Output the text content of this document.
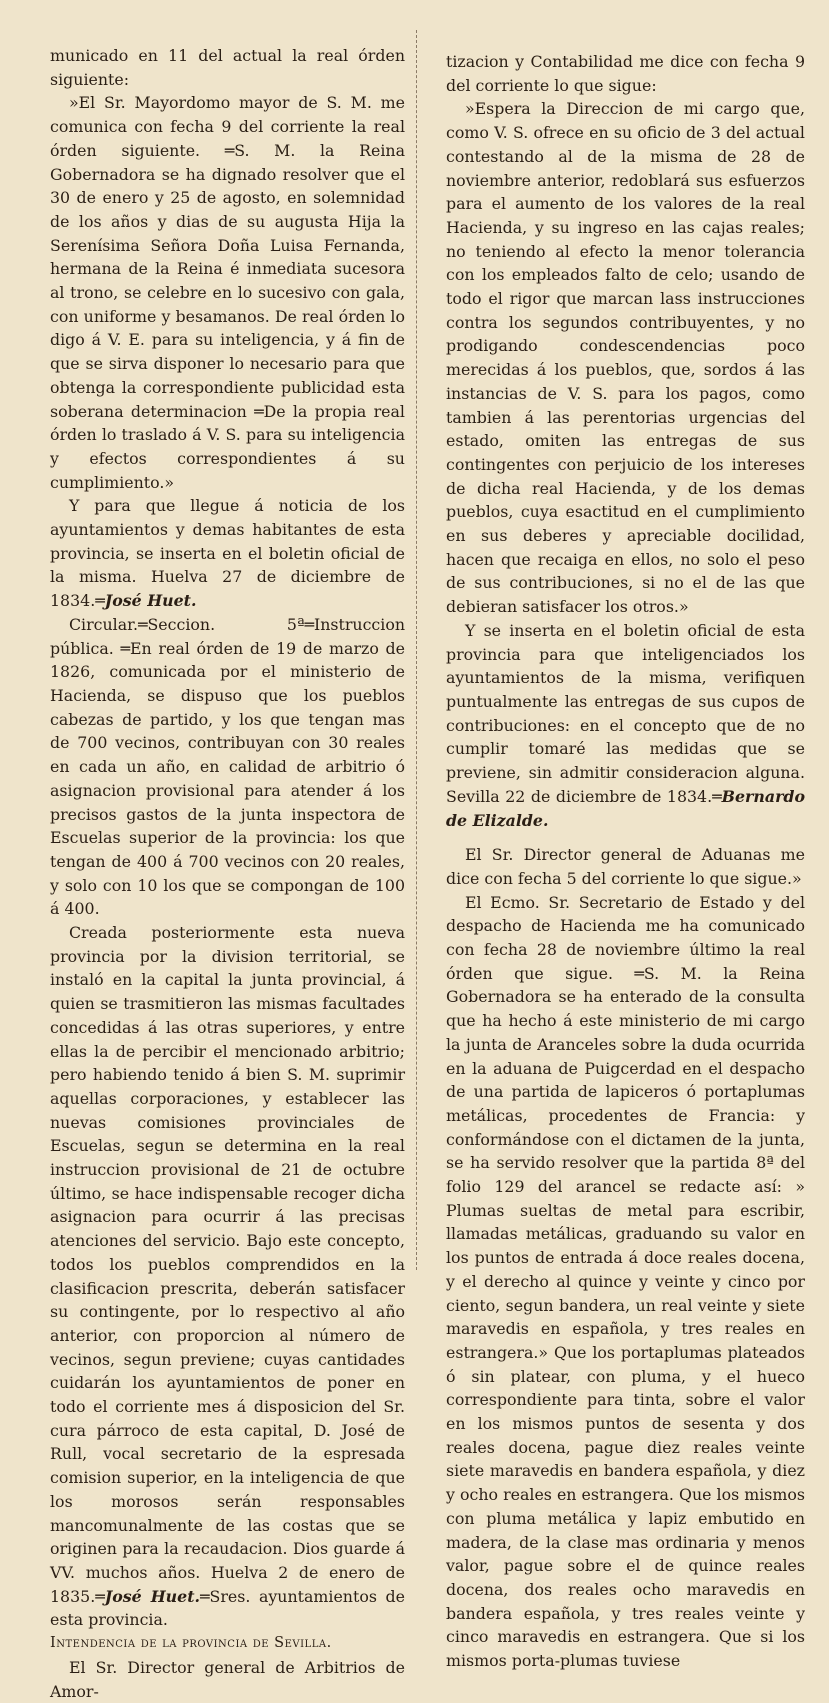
municado en 11 del actual la real órden siguiente:

»El Sr. Mayordomo mayor de S. M. me comunica con fecha 9 del corriente la real órden siguiente. ═S. M. la Reina Gobernadora se ha dignado resolver que el 30 de enero y 25 de agosto, en solemnidad de los años y dias de su augusta Hija la Serenísima Señora Doña Luisa Fernanda, hermana de la Reina é inmediata sucesora al trono, se celebre en lo sucesivo con gala, con uniforme y besamanos. De real órden lo digo á V. E. para su inteligencia, y á fin de que se sirva disponer lo necesario para que obtenga la correspondiente publicidad esta soberana determinacion ═De la propia real órden lo traslado á V. S. para su inteligencia y efectos correspondientes á su cumplimiento.»

Y para que llegue á noticia de los ayuntamientos y demas habitantes de esta provincia, se inserta en el boletin oficial de la misma. Huelva 27 de diciembre de 1834.═José Huet.

Circular.═Seccion. 5ª═Instruccion pública. ═En real órden de 19 de marzo de 1826, comunicada por el ministerio de Hacienda, se dispuso que los pueblos cabezas de partido, y los que tengan mas de 700 vecinos, contribuyan con 30 reales en cada un año, en calidad de arbitrio ó asignacion provisional para atender á los precisos gastos de la junta inspectora de Escuelas superior de la provincia: los que tengan de 400 á 700 vecinos con 20 reales, y solo con 10 los que se compongan de 100 á 400.

Creada posteriormente esta nueva provincia por la division territorial, se instaló en la capital la junta provincial, á quien se trasmitieron las mismas facultades concedidas á las otras superiores, y entre ellas la de percibir el mencionado arbitrio; pero habiendo tenido á bien S. M. suprimir aquellas corporaciones, y establecer las nuevas comisiones provinciales de Escuelas, segun se determina en la real instruccion provisional de 21 de octubre último, se hace indispensable recoger dicha asignacion para ocurrir á las precisas atenciones del servicio. Bajo este concepto, todos los pueblos comprendidos en la clasificacion prescrita, deberán satisfacer su contingente, por lo respectivo al año anterior, con proporcion al número de vecinos, segun previene; cuyas cantidades cuidarán los ayuntamientos de poner en todo el corriente mes á disposicion del Sr. cura párroco de esta capital, D. José de Rull, vocal secretario de la espresada comision superior, en la inteligencia de que los morosos serán responsables mancomunalmente de las costas que se originen para la recaudacion. Dios guarde á VV. muchos años. Huelva 2 de enero de 1835.═José Huet.═Sres. ayuntamientos de esta provincia.

Intendencia de la provincia de Sevilla.

El Sr. Director general de Arbitrios de Amor-

tizacion y Contabilidad me dice con fecha 9 del corriente lo que sigue:

»Espera la Direccion de mi cargo que, como V. S. ofrece en su oficio de 3 del actual contestando al de la misma de 28 de noviembre anterior, redoblará sus esfuerzos para el aumento de los valores de la real Hacienda, y su ingreso en las cajas reales; no teniendo al efecto la menor tolerancia con los empleados falto de celo; usando de todo el rigor que marcan lass instrucciones contra los segundos contribuyentes, y no prodigando condescendencias poco merecidas á los pueblos, que, sordos á las instancias de V. S. para los pagos, como tambien á las perentorias urgencias del estado, omiten las entregas de sus contingentes con perjuicio de los intereses de dicha real Hacienda, y de los demas pueblos, cuya esactitud en el cumplimiento en sus deberes y apreciable docilidad, hacen que recaiga en ellos, no solo el peso de sus contribuciones, si no el de las que debieran satisfacer los otros.»

Y se inserta en el boletin oficial de esta provincia para que inteligenciados los ayuntamientos de la misma, verifiquen puntualmente las entregas de sus cupos de contribuciones: en el concepto que de no cumplir tomaré las medidas que se previene, sin admitir consideracion alguna. Sevilla 22 de diciembre de 1834.═Bernardo de Elizalde.

El Sr. Director general de Aduanas me dice con fecha 5 del corriente lo que sigue.»

El Ecmo. Sr. Secretario de Estado y del despacho de Hacienda me ha comunicado con fecha 28 de noviembre último la real órden que sigue. ═S. M. la Reina Gobernadora se ha enterado de la consulta que ha hecho á este ministerio de mi cargo la junta de Aranceles sobre la duda ocurrida en la aduana de Puigcerdad en el despacho de una partida de lapiceros ó portaplumas metálicas, procedentes de Francia: y conformándose con el dictamen de la junta, se ha servido resolver que la partida 8ª del folio 129 del arancel se redacte así: » Plumas sueltas de metal para escribir, llamadas metálicas, graduando su valor en los puntos de entrada á doce reales docena, y el derecho al quince y veinte y cinco por ciento, segun bandera, un real veinte y siete maravedis en española, y tres reales en estrangera.» Que los portaplumas plateados ó sin platear, con pluma, y el hueco correspondiente para tinta, sobre el valor en los mismos puntos de sesenta y dos reales docena, pague diez reales veinte siete maravedis en bandera española, y diez y ocho reales en estrangera. Que los mismos con pluma metálica y lapiz embutido en madera, de la clase mas ordinaria y menos valor, pague sobre el de quince reales docena, dos reales ocho maravedis en bandera española, y tres reales veinte y cinco maravedis en estrangera. Que si los mismos porta-plumas tuviese
